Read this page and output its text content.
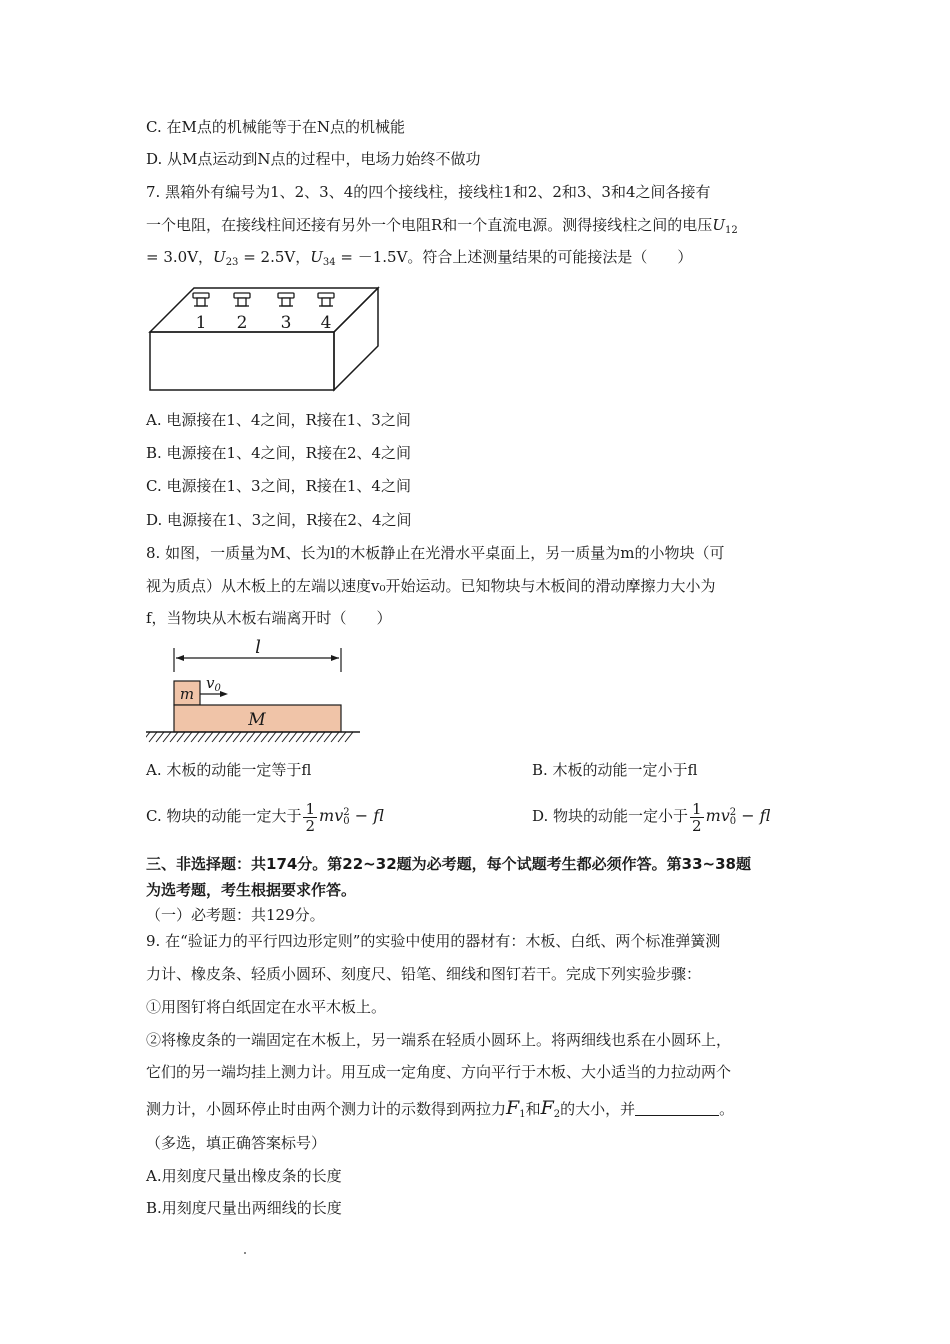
C. 在M点的机械能等于在N点的机械能
D. 从M点运动到N点的过程中，电场力始终不做功
7. 黑箱外有编号为1、2、3、4的四个接线柱，接线柱1和2、2和3、3和4之间各接有
一个电阻，在接线柱间还接有另外一个电阻R和一个直流电源。测得接线柱之间的电压$U_{12}$
= 3.0V，$U_{23} = 2.5V$，$U_{34} = -1.5V$。符合上述测量结果的可能接法是（　　）
1 2 3 4
A. 电源接在1、4之间，R接在1、3之间
B. 电源接在1、4之间，R接在2、4之间
C. 电源接在1、3之间，R接在1、4之间
D. 电源接在1、3之间，R接在2、4之间
8. 如图，一质量为M、长为l的木板静止在光滑水平桌面上，另一质量为m的小物块（可
视为质点）从木板上的左端以速度v₀开始运动。已知物块与木板间的滑动摩擦力大小为
f，当物块从木板右端离开时（　　）
l
m
$v_0$
M
A. 木板的动能一定等于fl	B. 木板的动能一定小于fl
C. 物块的动能一定大于 $\frac{1}{2}$ mv 2
0 − fl	D. 物块的动能一定小于 $\frac{1}{2}$ mv 2
0 − fl
三、非选择题：共174分。第22~32题为必考题，每个试题考生都必须作答。第33~38题
为选考题，考生根据要求作答。
（一）必考题：共129分。
9. 在“验证力的平行四边形定则”的实验中使用的器材有：木板、白纸、两个标准弹簧测
力计、橡皮条、轻质小圆环、刻度尺、铅笔、细线和图钉若干。完成下列实验步骤：
①用图钉将白纸固定在水平木板上。
②将橡皮条的一端固定在木板上，另一端系在轻质小圆环上。将两细线也系在小圆环上，
它们的另一端均挂上测力计。用互成一定角度、方向平行于木板、大小适当的力拉动两个
测力计，小圆环停止时由两个测力计的示数得到两拉力$F_1$和$F_2$的大小，并	。
（多选，填正确答案标号）
A.用刻度尺量出橡皮条的长度
B.用刻度尺量出两细线的长度
